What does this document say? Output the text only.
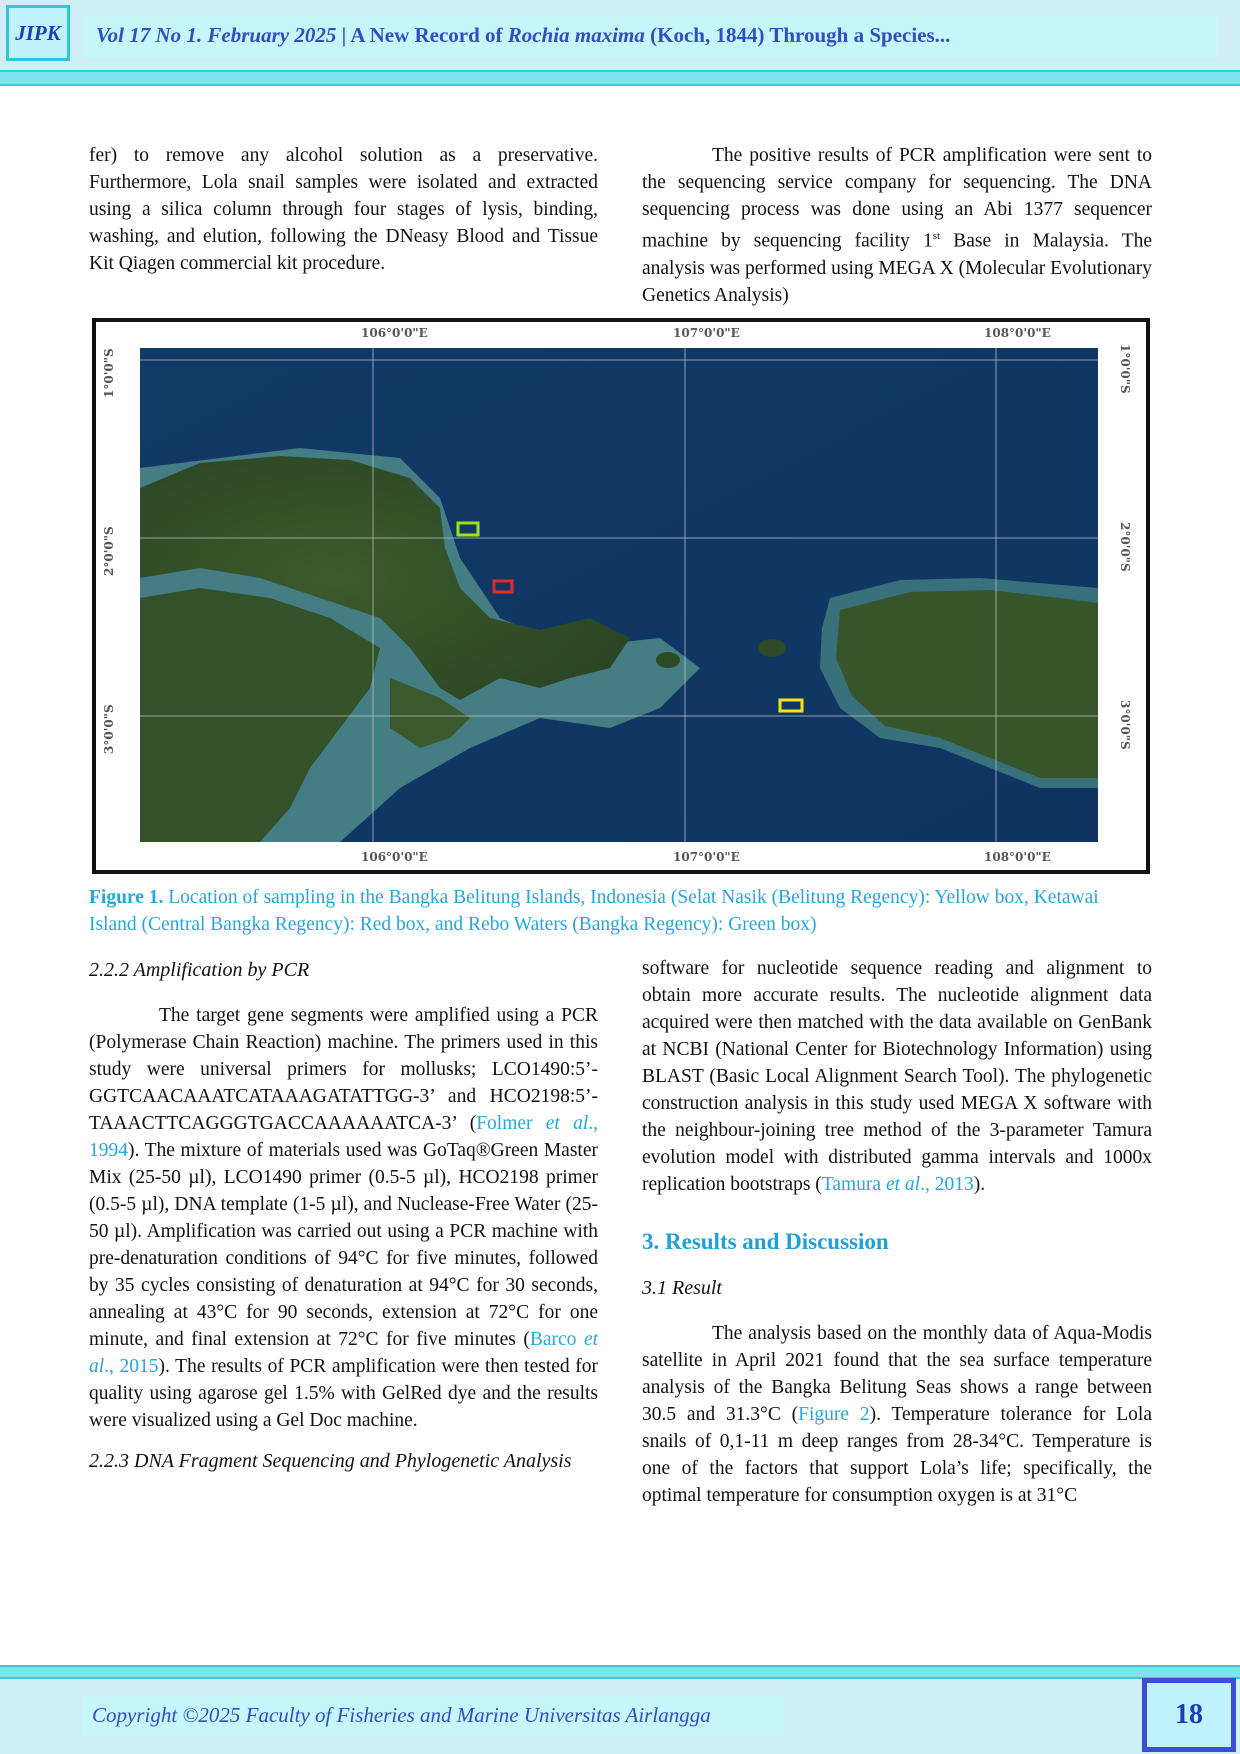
JIPK	Vol 17 No 1. February 2025 | A New Record of Rochia maxima (Koch, 1844) Through a Species...

fer) to remove any alcohol solution as a preservative. Furthermore, Lola snail samples were isolated and extracted using a silica column through four stages of lysis, binding, washing, and elution, following the DNeasy Blood and Tissue Kit Qiagen commercial kit procedure.

The positive results of PCR amplification were sent to the sequencing service company for sequencing. The DNA sequencing process was done using an Abi 1377 sequencer machine by sequencing facility 1st Base in Malaysia. The analysis was performed using MEGA X (Molecular Evolutionary Genetics Analysis)

106°0'0"E	107°0'0"E	108°0'0"E
106°0'0"E	107°0'0"E	108°0'0"E
1°0'0"S
2°0'0"S
3°0'0"S
1°0'0"S
2°0'0"S
3°0'0"S
Figure 1. Location of sampling in the Bangka Belitung Islands, Indonesia (Selat Nasik (Belitung Regency): Yellow box, Ketawai Island (Central Bangka Regency): Red box, and Rebo Waters (Bangka Regency): Green box)

2.2.2 Amplification by PCR

The target gene segments were amplified using a PCR (Polymerase Chain Reaction) machine. The primers used in this study were universal primers for mollusks; LCO1490:5’-GGTCAACAAATCATAAAGATATTGG-3’ and HCO2198:5’-TAAACTTCAGGGTGACCAAAAAATCA-3’ (Folmer et al., 1994). The mixture of materials used was GoTaq®Green Master Mix (25-50 µl), LCO1490 primer (0.5-5 µl), HCO2198 primer (0.5-5 µl), DNA template (1-5 µl), and Nuclease-Free Water (25-50 µl). Amplification was carried out using a PCR machine with pre-denaturation conditions of 94°C for five minutes, followed by 35 cycles consisting of denaturation at 94°C for 30 seconds, annealing at 43°C for 90 seconds, extension at 72°C for one minute, and final extension at 72°C for five minutes (Barco et al., 2015). The results of PCR amplification were then tested for quality using agarose gel 1.5% with GelRed dye and the results were visualized using a Gel Doc machine.

2.2.3 DNA Fragment Sequencing and Phylogenetic Analysis

software for nucleotide sequence reading and alignment to obtain more accurate results. The nucleotide alignment data acquired were then matched with the data available on GenBank at NCBI (National Center for Biotechnology Information) using BLAST (Basic Local Alignment Search Tool). The phylogenetic construction analysis in this study used MEGA X software with the neighbour-joining tree method of the 3-parameter Tamura evolution model with distributed gamma intervals and 1000x replication bootstraps (Tamura et al., 2013).

3. Results and Discussion

3.1 Result

The analysis based on the monthly data of Aqua-Modis satellite in April 2021 found that the sea surface temperature analysis of the Bangka Belitung Seas shows a range between 30.5 and 31.3°C (Figure 2). Temperature tolerance for Lola snails of 0,1-11 m deep ranges from 28-34°C. Temperature is one of the factors that support Lola’s life; specifically, the optimal temperature for consumption oxygen is at 31°C

Copyright ©2025 Faculty of Fisheries and Marine Universitas Airlangga	18
